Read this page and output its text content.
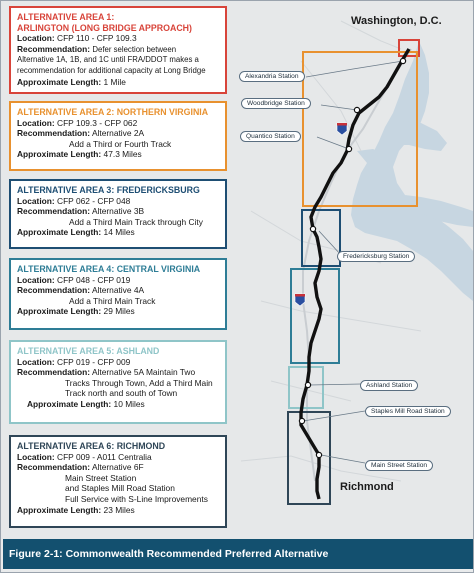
Washington, D.C.
Richmond
Alexandria Station
Woodbridge Station
Quantico Station
Fredericksburg Station
Ashland Station
Staples Mill Road Station
Main Street Station
ALTERNATIVE AREA 1:
ARLINGTON (LONG BRIDGE APPROACH)
Location: CFP 110 - CFP 109.3
Recommendation: Defer selection between
Alternative 1A, 1B, and 1C until FRA/DDOT makes a
recommendation for additional capacity at Long Bridge
Approximate Length: 1 Mile
ALTERNATIVE AREA 2: NORTHERN VIRGINIA
Location: CFP 109.3 - CFP 062
Recommendation: Alternative 2A
Add a Third or Fourth Track
Approximate Length: 47.3 Miles
ALTERNATIVE AREA 3: FREDERICKSBURG
Location: CFP 062 - CFP 048
Recommendation: Alternative 3B
Add a Third Main Track through City
Approximate Length: 14 Miles
ALTERNATIVE AREA 4: CENTRAL VIRGINIA
Location: CFP 048 - CFP 019
Recommendation: Alternative 4A
Add a Third Main Track
Approximate Length: 29 Miles
ALTERNATIVE AREA 5: ASHLAND
Location: CFP 019 - CFP 009
Recommendation: Alternative 5A Maintain Two
Tracks Through Town, Add a Third Main
Track north and south of Town
Approximate Length: 10 Miles
ALTERNATIVE AREA 6: RICHMOND
Location: CFP 009 - A011 Centralia
Recommendation: Alternative 6F
Main Street Station
and Staples Mill Road Station
Full Service with S-Line Improvements
Approximate Length: 23 Miles
Figure 2-1: Commonwealth Recommended Preferred Alternative
